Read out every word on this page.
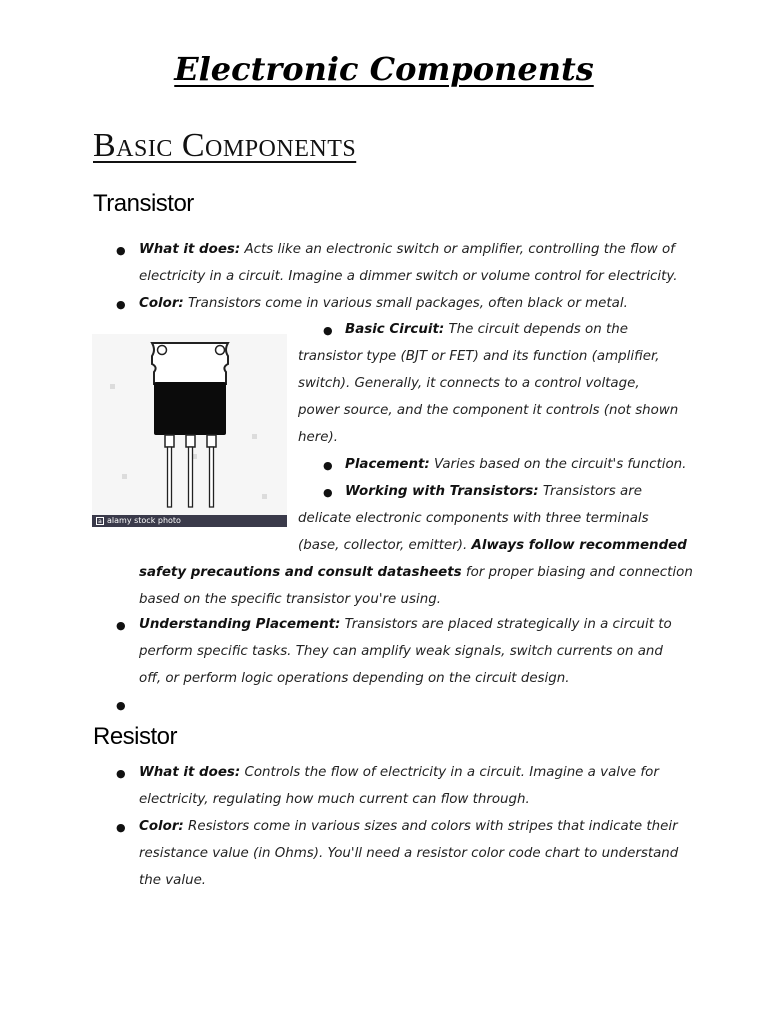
Electronic Components
Basic Components
Transistor
● What it does: Acts like an electronic switch or amplifier, controlling the flow of
electricity in a circuit. Imagine a dimmer switch or volume control for electricity.
● Color: Transistors come in various small packages, often black or metal.
a alamy stock photo
● Basic Circuit: The circuit depends on the
transistor type (BJT or FET) and its function (amplifier,
switch). Generally, it connects to a control voltage,
power source, and the component it controls (not shown
here).
● Placement: Varies based on the circuit's function.
● Working with Transistors: Transistors are
delicate electronic components with three terminals
(base, collector, emitter). Always follow recommended
safety precautions and consult datasheets for proper biasing and connection
based on the specific transistor you're using.
● Understanding Placement: Transistors are placed strategically in a circuit to
perform specific tasks. They can amplify weak signals, switch currents on and
off, or perform logic operations depending on the circuit design.
●
Resistor
● What it does: Controls the flow of electricity in a circuit. Imagine a valve for
electricity, regulating how much current can flow through.
● Color: Resistors come in various sizes and colors with stripes that indicate their
resistance value (in Ohms). You'll need a resistor color code chart to understand
the value.
